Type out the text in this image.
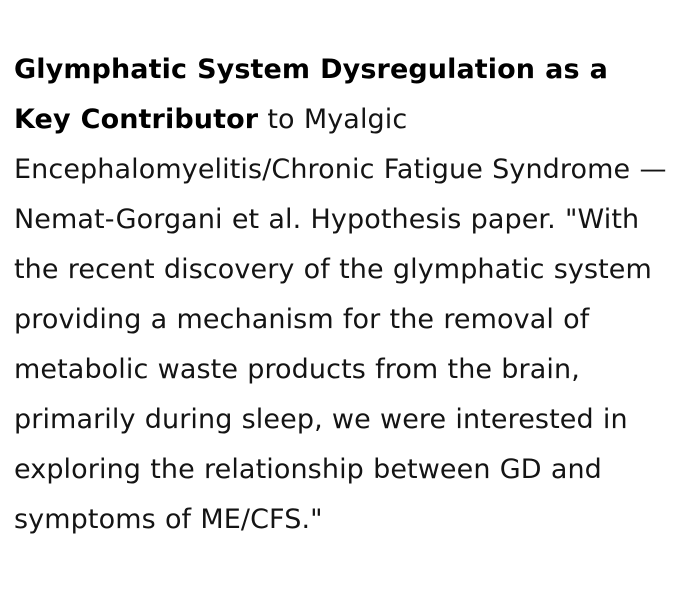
Glymphatic System Dysregulation as a Key Contributor to Myalgic Encephalomyelitis/Chronic Fatigue Syndrome — Nemat-Gorgani et al. Hypothesis paper. "With the recent discovery of the glymphatic system providing a mechanism for the removal of metabolic waste products from the brain, primarily during sleep, we were interested in exploring the relationship between GD and symptoms of ME/CFS."
